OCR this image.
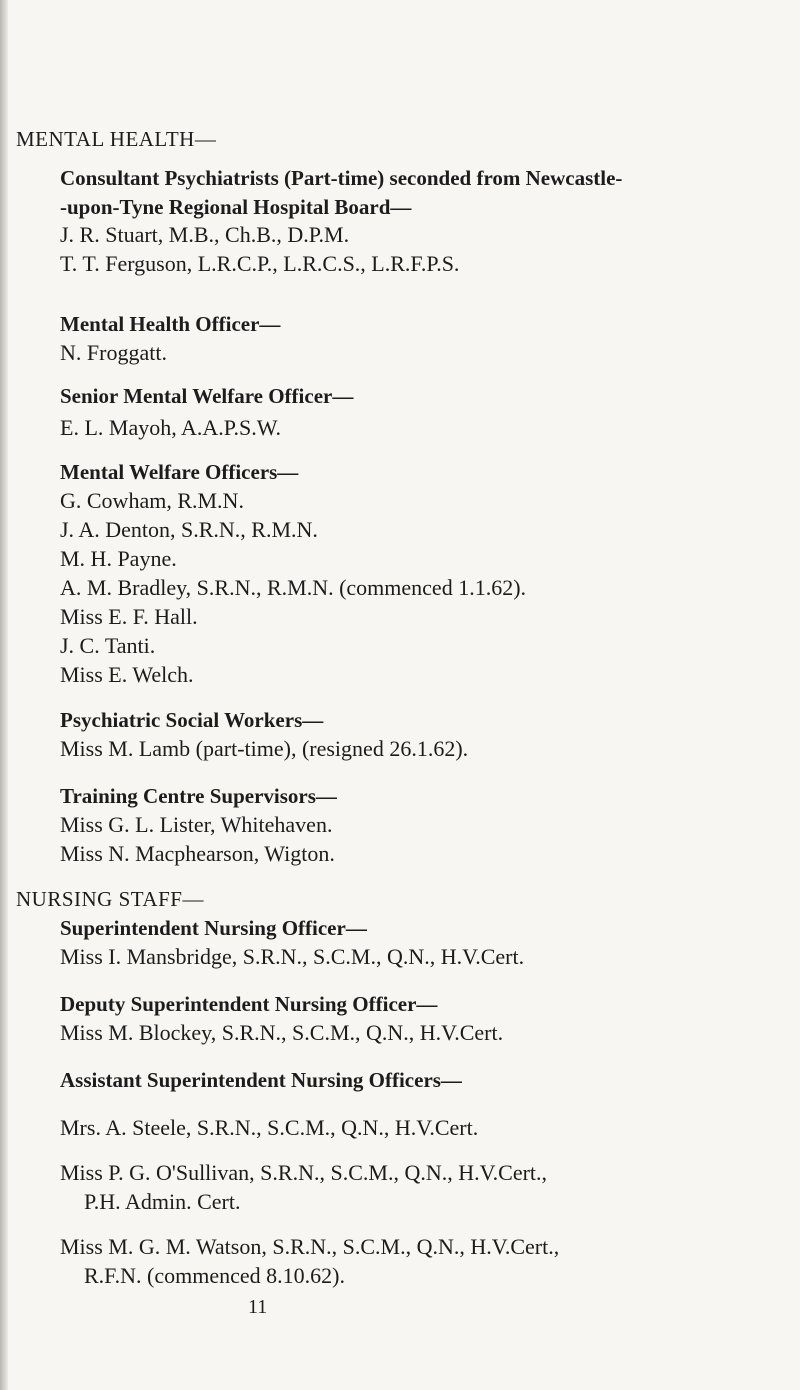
MENTAL HEALTH—
Consultant Psychiatrists (Part-time) seconded from Newcastle-
-upon-Tyne Regional Hospital Board—
J. R. Stuart, M.B., Ch.B., D.P.M.
T. T. Ferguson, L.R.C.P., L.R.C.S., L.R.F.P.S.
Mental Health Officer—
N. Froggatt.
Senior Mental Welfare Officer—
E. L. Mayoh, A.A.P.S.W.
Mental Welfare Officers—
G. Cowham, R.M.N.
J. A. Denton, S.R.N., R.M.N.
M. H. Payne.
A. M. Bradley, S.R.N., R.M.N. (commenced 1.1.62).
Miss E. F. Hall.
J. C. Tanti.
Miss E. Welch.
Psychiatric Social Workers—
Miss M. Lamb (part-time), (resigned 26.1.62).
Training Centre Supervisors—
Miss G. L. Lister, Whitehaven.
Miss N. Macphearson, Wigton.
NURSING STAFF—
Superintendent Nursing Officer—
Miss I. Mansbridge, S.R.N., S.C.M., Q.N., H.V.Cert.
Deputy Superintendent Nursing Officer—
Miss M. Blockey, S.R.N., S.C.M., Q.N., H.V.Cert.
Assistant Superintendent Nursing Officers—
Mrs. A. Steele, S.R.N., S.C.M., Q.N., H.V.Cert.
Miss P. G. O'Sullivan, S.R.N., S.C.M., Q.N., H.V.Cert.,
P.H. Admin. Cert.
Miss M. G. M. Watson, S.R.N., S.C.M., Q.N., H.V.Cert.,
R.F.N. (commenced 8.10.62).
11
